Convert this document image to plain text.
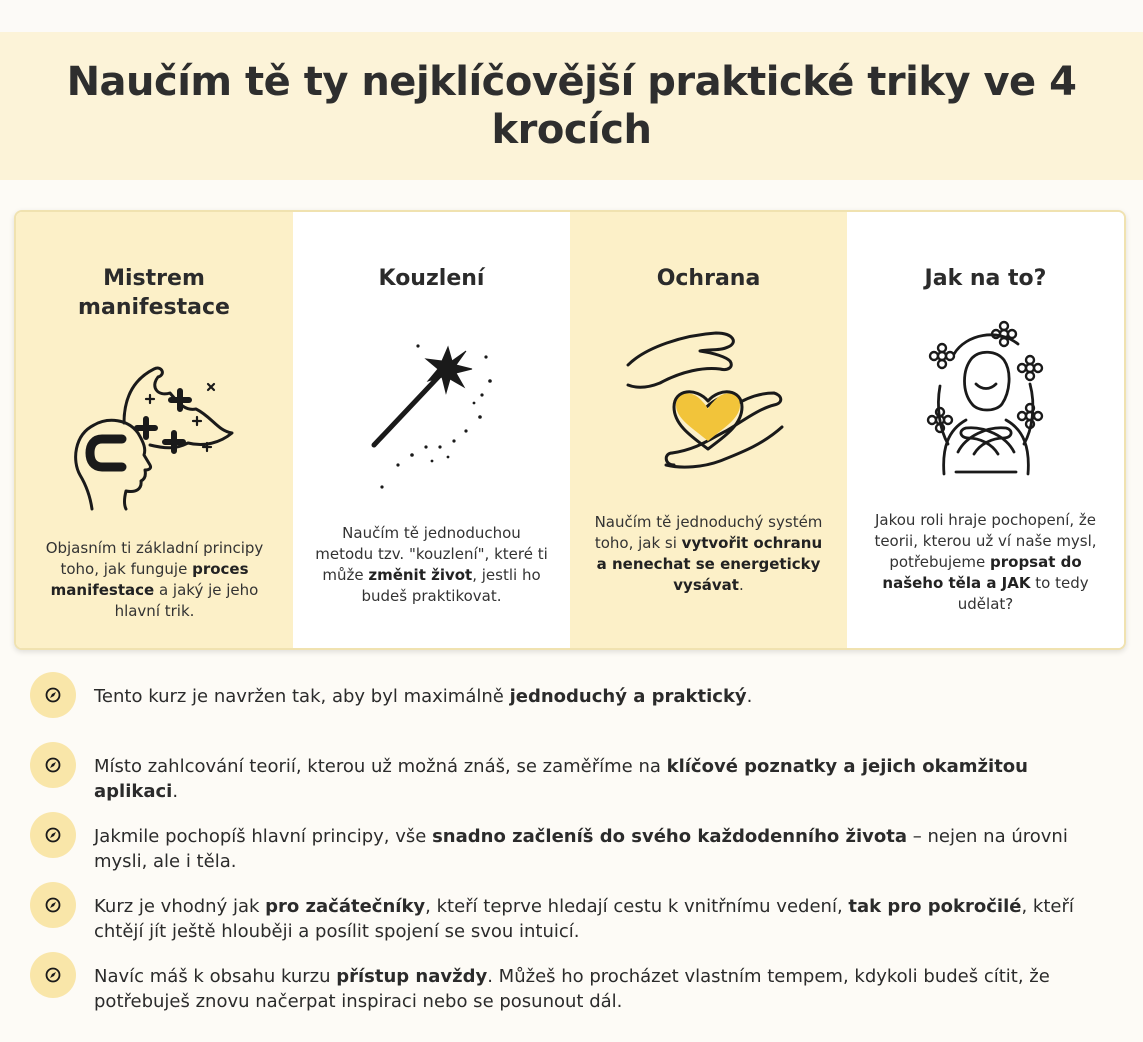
Naučím tě ty nejklíčovější praktické triky ve 4 krocích
Mistrem manifestace

Objasním ti základní principy toho, jak funguje proces manifestace a jaký je jeho hlavní trik.

Kouzlení

Naučím tě jednoduchou metodu tzv. "kouzlení", které ti může změnit život, jestli ho budeš praktikovat.

Ochrana

Naučím tě jednoduchý systém toho, jak si vytvořit ochranu a nenechat se energeticky vysávat.

Jak na to?

Jakou roli hraje pochopení, že teorii, kterou už ví naše mysl, potřebujeme propsat do našeho těla a JAK to tedy udělat?

Tento kurz je navržen tak, aby byl maximálně jednoduchý a praktický.
Místo zahlcování teorií, kterou už možná znáš, se zaměříme na klíčové poznatky a jejich okamžitou aplikaci.
Jakmile pochopíš hlavní principy, vše snadno začleníš do svého každodenního života – nejen na úrovni mysli, ale i těla.
Kurz je vhodný jak pro začátečníky, kteří teprve hledají cestu k vnitřnímu vedení, tak pro pokročilé, kteří chtějí jít ještě hlouběji a posílit spojení se svou intuicí.
Navíc máš k obsahu kurzu přístup navždy. Můžeš ho procházet vlastním tempem, kdykoli budeš cítit, že potřebuješ znovu načerpat inspiraci nebo se posunout dál.
